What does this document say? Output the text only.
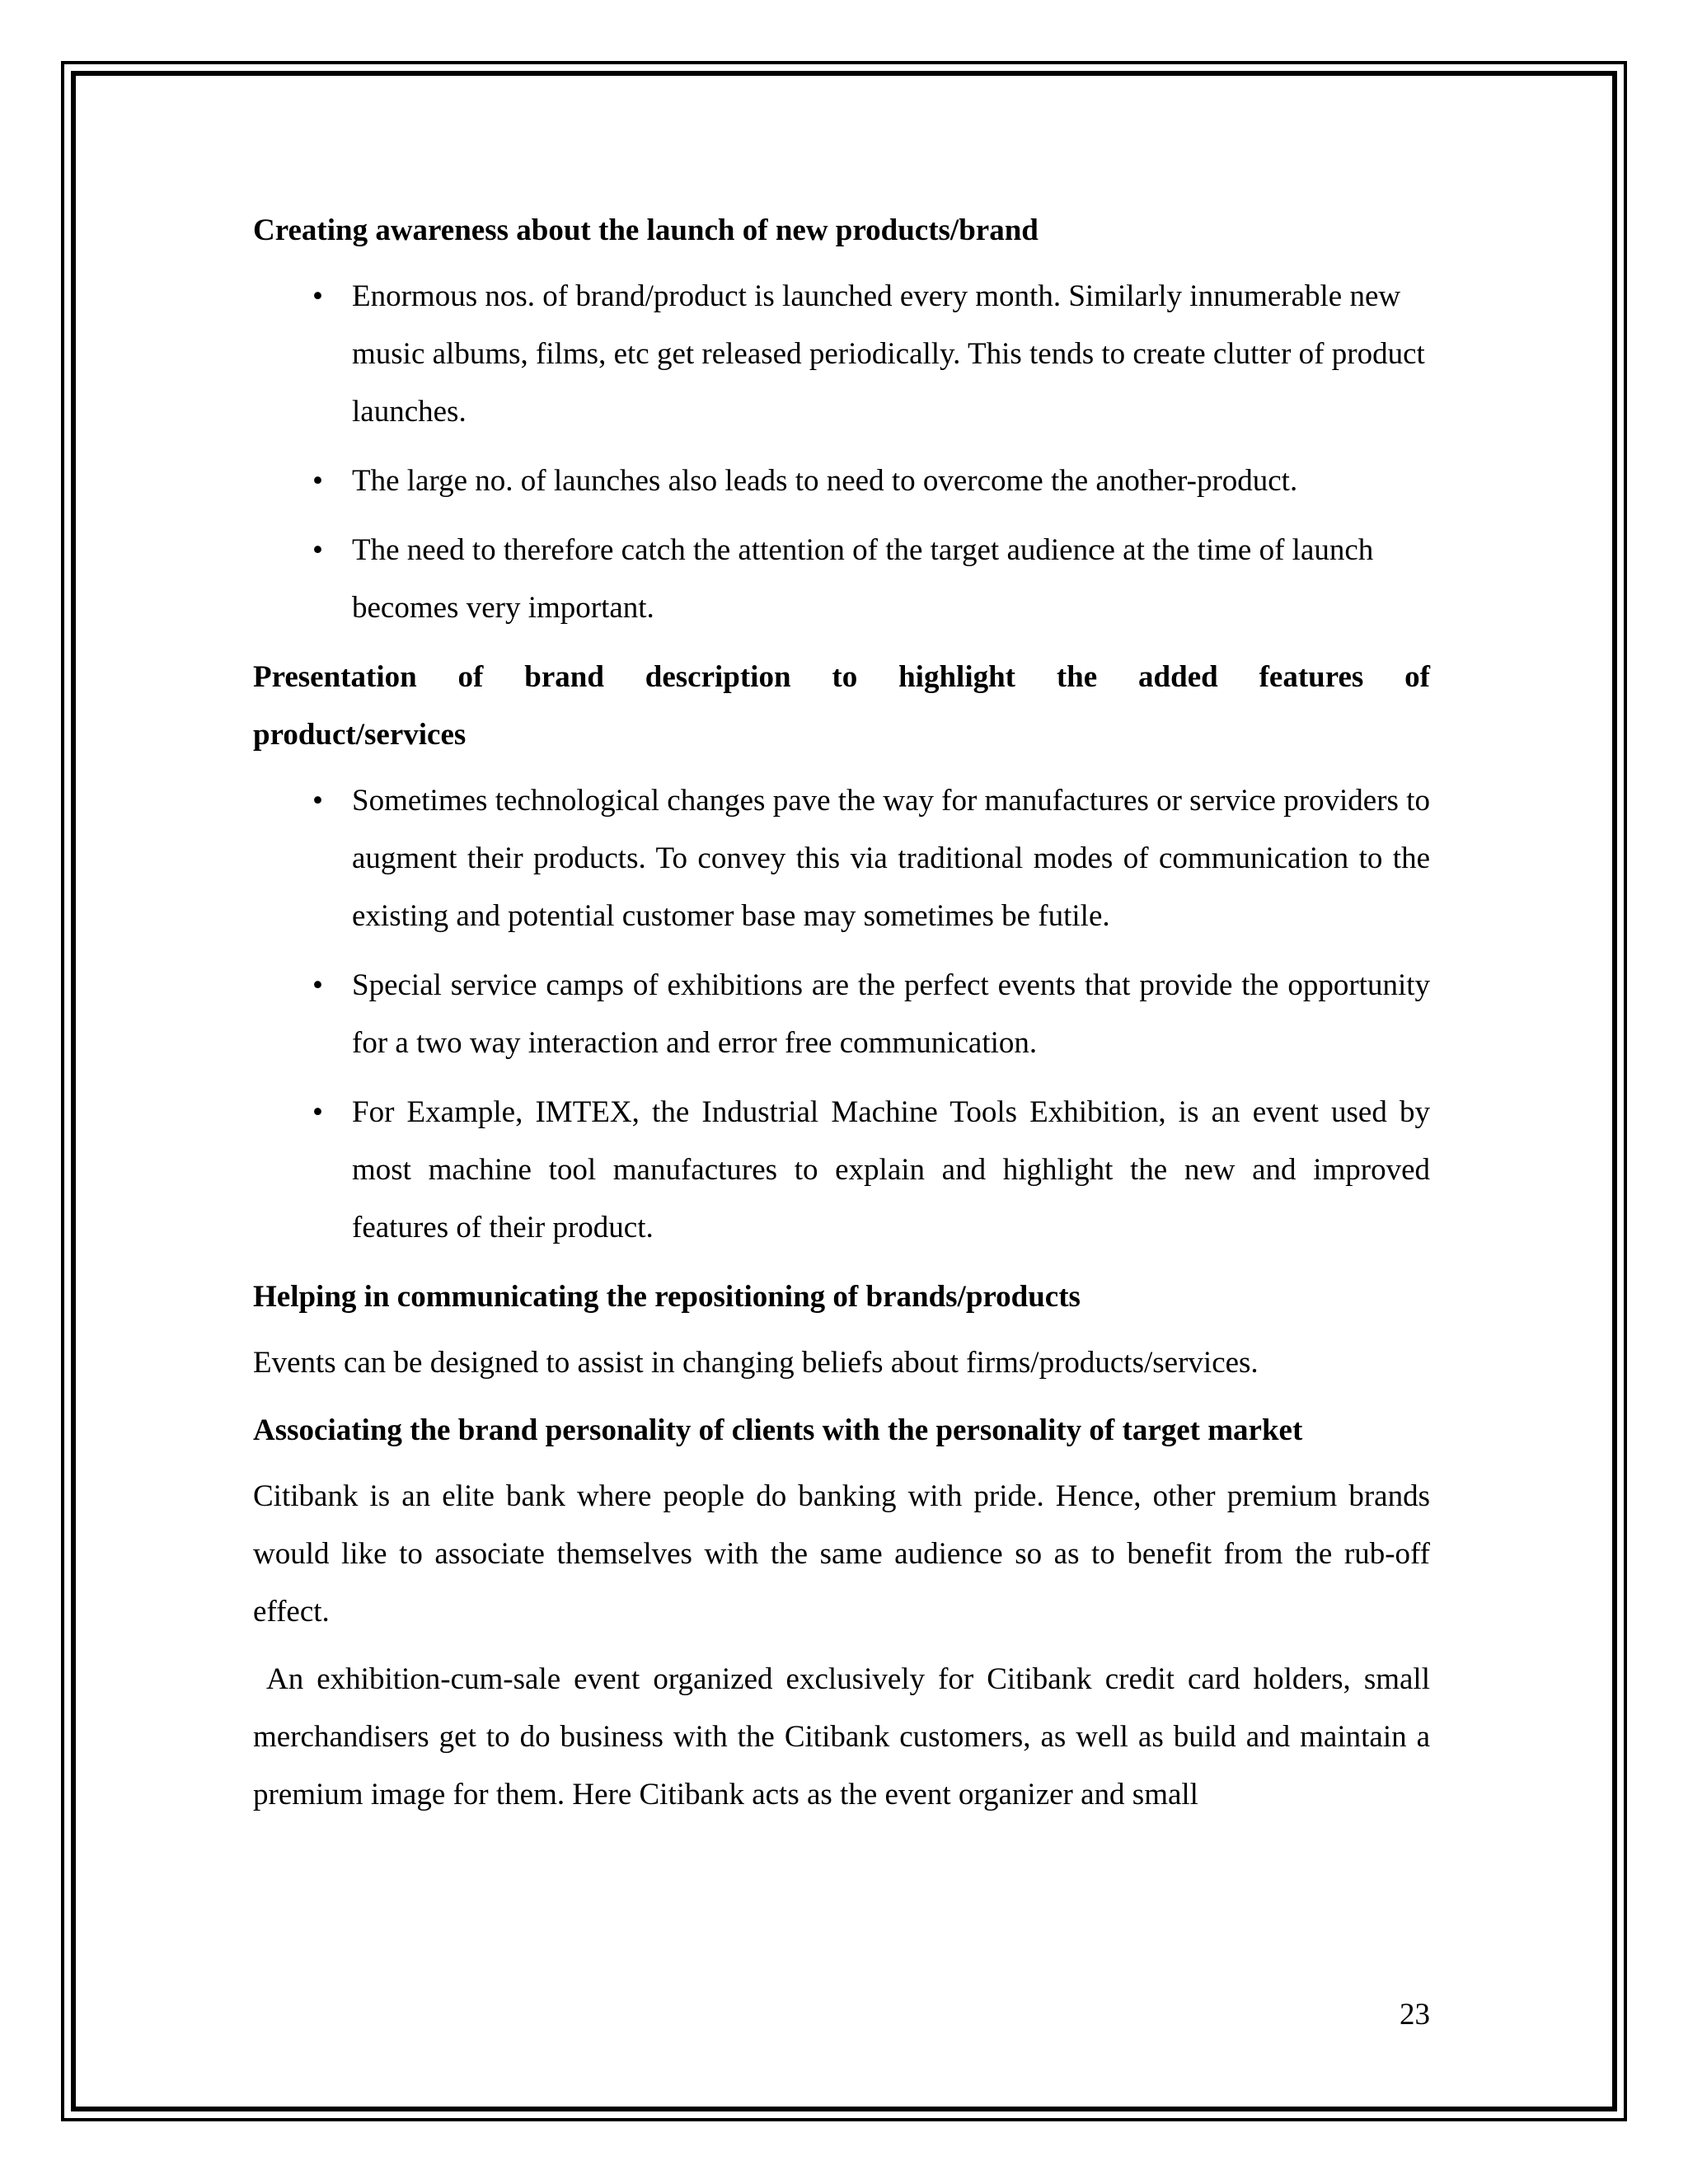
Creating awareness about the launch of new products/brand
• Enormous nos. of brand/product is launched every month. Similarly innumerable new music albums, films, etc get released periodically. This tends to create clutter of product launches.
• The large no. of launches also leads to need to overcome the another-product.
• The need to therefore catch the attention of the target audience at the time of launch becomes very important.
Presentation of brand description to highlight the added features of
product/services
• Sometimes technological changes pave the way for manufactures or service providers to augment their products. To convey this via traditional modes of communication to the existing and potential customer base may sometimes be futile.
• Special service camps of exhibitions are the perfect events that provide the opportunity for a two way interaction and error free communication.
• For Example, IMTEX, the Industrial Machine Tools Exhibition, is an event used by most machine tool manufactures to explain and highlight the new and improved features of their product.
Helping in communicating the repositioning of brands/products

Events can be designed to assist in changing beliefs about firms/products/services.

Associating the brand personality of clients with the personality of target market

Citibank is an elite bank where people do banking with pride. Hence, other premium brands would like to associate themselves with the same audience so as to benefit from the rub-off effect.

An exhibition-cum-sale event organized exclusively for Citibank credit card holders, small merchandisers get to do business with the Citibank customers, as well as build and maintain a premium image for them. Here Citibank acts as the event organizer and small

23
